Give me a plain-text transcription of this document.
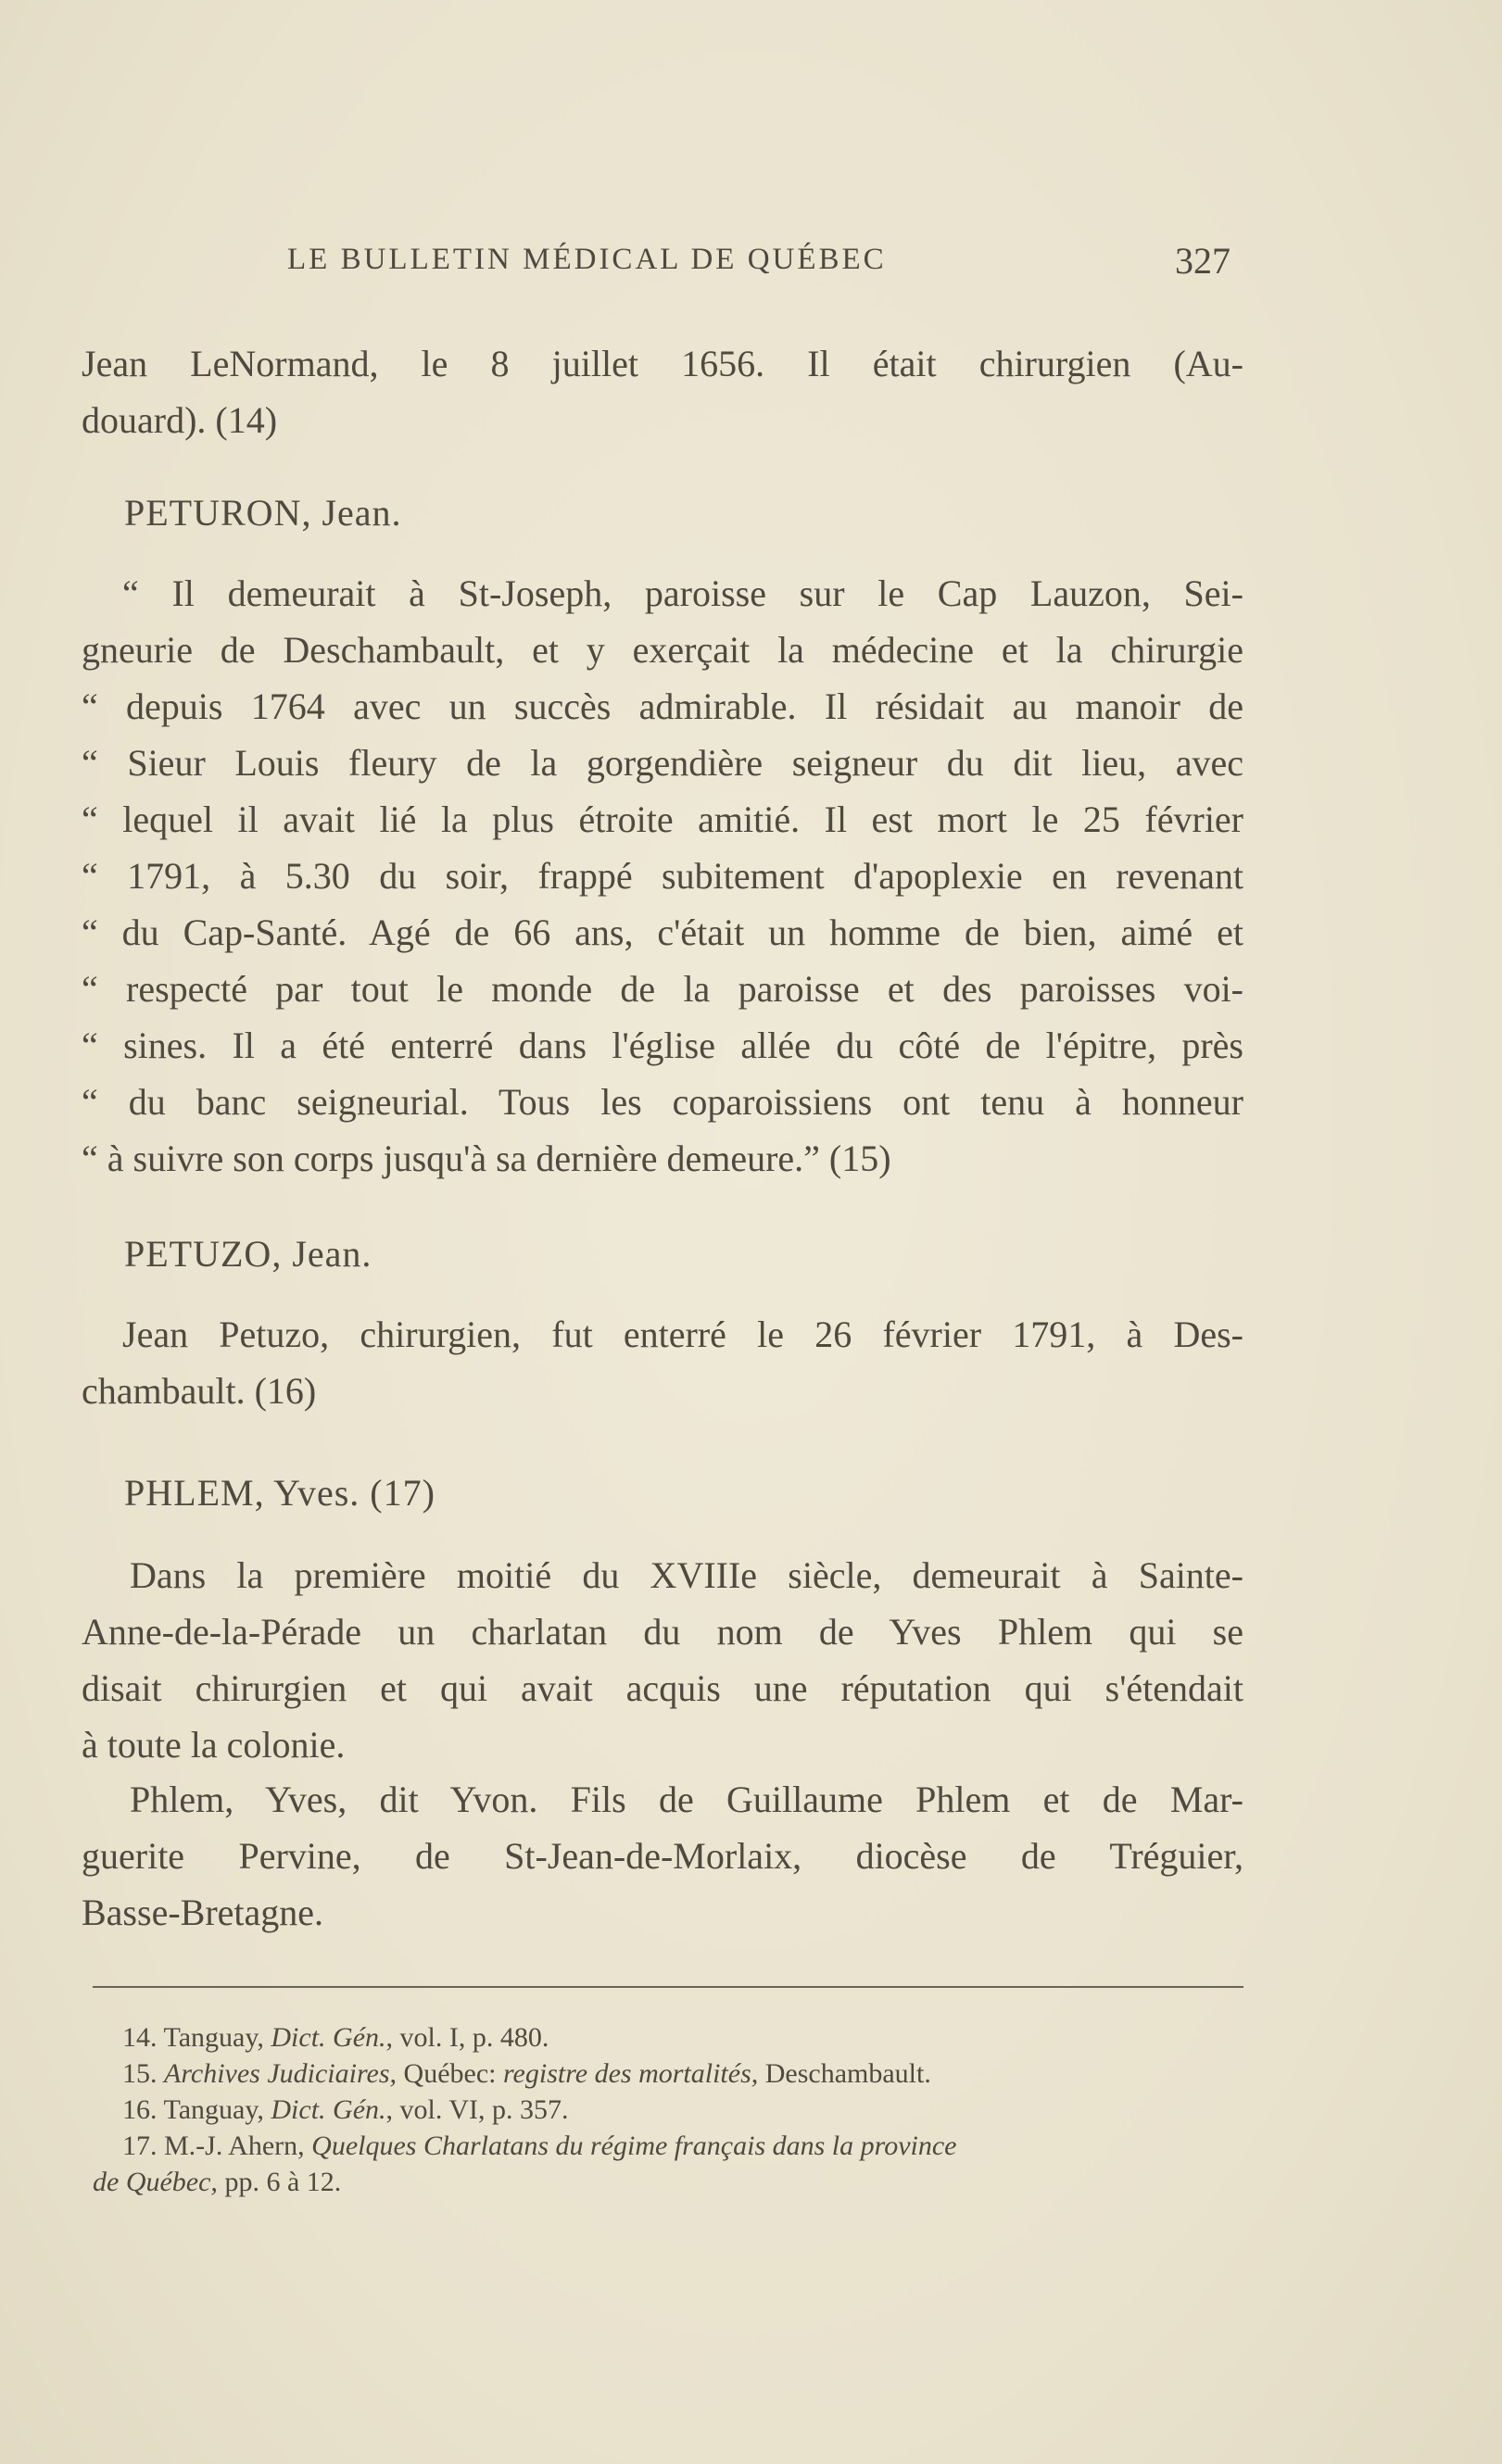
LE BULLETIN MÉDICAL DE QUÉBEC	327
Jean LeNormand, le 8 juillet 1656. Il était chirurgien (Au-
douard). (14)
PETURON, Jean.
“ Il demeurait à St-Joseph, paroisse sur le Cap Lauzon, Sei-
gneurie de Deschambault, et y exerçait la médecine et la chirurgie
“ depuis 1764 avec un succès admirable. Il résidait au manoir de
“ Sieur Louis fleury de la gorgendière seigneur du dit lieu, avec
“ lequel il avait lié la plus étroite amitié. Il est mort le 25 février
“ 1791, à 5.30 du soir, frappé subitement d'apoplexie en revenant
“ du Cap-Santé. Agé de 66 ans, c'était un homme de bien, aimé et
“ respecté par tout le monde de la paroisse et des paroisses voi-
“ sines. Il a été enterré dans l'église allée du côté de l'épitre, près
“ du banc seigneurial. Tous les coparoissiens ont tenu à honneur
“ à suivre son corps jusqu'à sa dernière demeure.” (15)
PETUZO, Jean.
Jean Petuzo, chirurgien, fut enterré le 26 février 1791, à Des-
chambault. (16)
PHLEM, Yves. (17)
Dans la première moitié du XVIIIe siècle, demeurait à Sainte-
Anne-de-la-Pérade un charlatan du nom de Yves Phlem qui se
disait chirurgien et qui avait acquis une réputation qui s'étendait
à toute la colonie.
Phlem, Yves, dit Yvon. Fils de Guillaume Phlem et de Mar-
guerite Pervine, de St-Jean-de-Morlaix, diocèse de Tréguier,
Basse-Bretagne.
14. Tanguay, Dict. Gén., vol. I, p. 480.
15. Archives Judiciaires, Québec: registre des mortalités, Deschambault.
16. Tanguay, Dict. Gén., vol. VI, p. 357.
17. M.-J. Ahern, Quelques Charlatans du régime français dans la province
de Québec, pp. 6 à 12.
